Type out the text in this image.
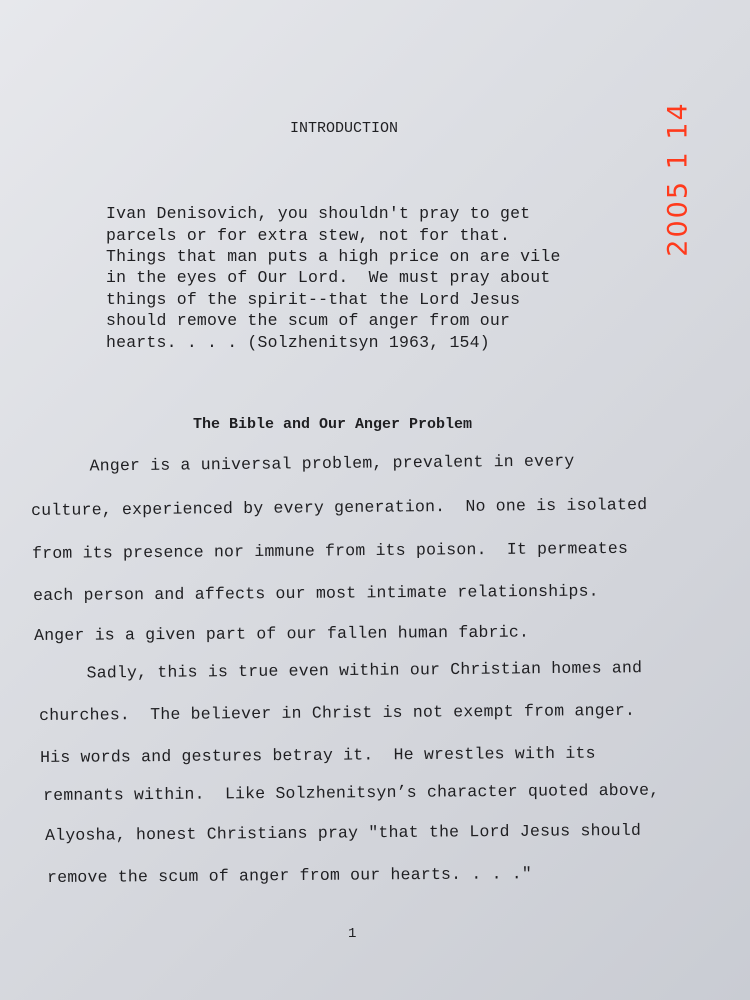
2005 1 14
INTRODUCTION
Ivan Denisovich, you shouldn't pray to get
parcels or for extra stew, not for that.
Things that man puts a high price on are vile
in the eyes of Our Lord.  We must pray about
things of the spirit--that the Lord Jesus
should remove the scum of anger from our
hearts. . . . (Solzhenitsyn 1963, 154)
The Bible and Our Anger Problem
Anger is a universal problem, prevalent in every
culture, experienced by every generation.  No one is isolated
from its presence nor immune from its poison.  It permeates
each person and affects our most intimate relationships.
Anger is a given part of our fallen human fabric.
Sadly, this is true even within our Christian homes and
churches.  The believer in Christ is not exempt from anger.
His words and gestures betray it.  He wrestles with its
remnants within.  Like Solzhenitsyn’s character quoted above,
Alyosha, honest Christians pray "that the Lord Jesus should
remove the scum of anger from our hearts. . . ."
1
